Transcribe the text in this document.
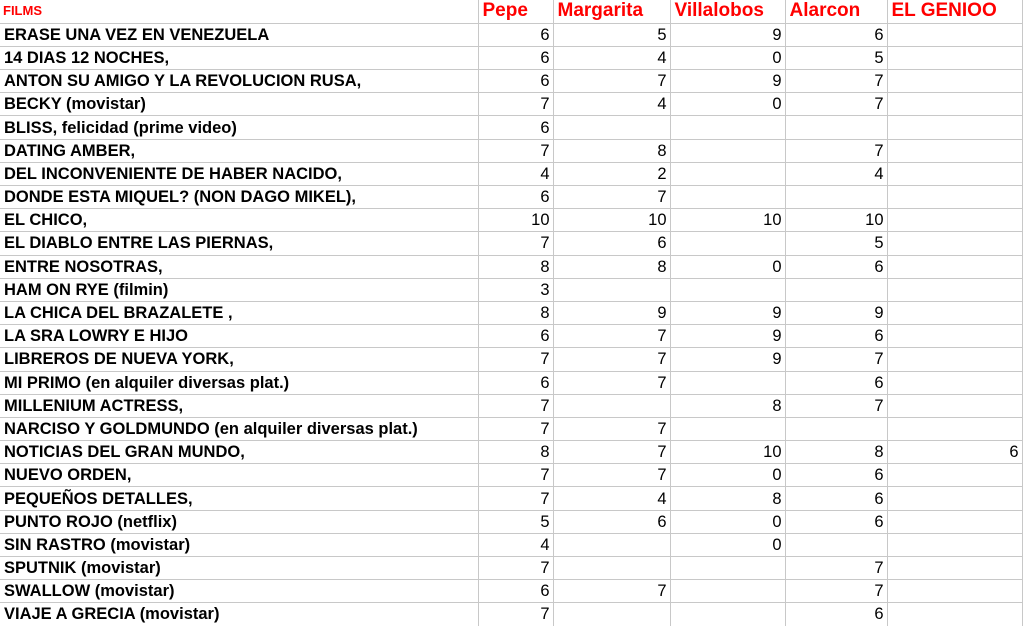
FILMS	Pepe	Margarita	Villalobos	Alarcon	EL GENIOO
ERASE UNA VEZ EN VENEZUELA	6	5	9	6	
14 DIAS 12 NOCHES,	6	4	0	5	
ANTON SU AMIGO Y LA REVOLUCION RUSA,	6	7	9	7	
BECKY (movistar)	7	4	0	7	
BLISS, felicidad (prime video)	6				
DATING AMBER,	7	8		7	
DEL INCONVENIENTE DE HABER NACIDO,	4	2		4	
DONDE ESTA MIQUEL? (NON DAGO MIKEL),	6	7			
EL CHICO,	10	10	10	10	
EL DIABLO ENTRE LAS PIERNAS,	7	6		5	
ENTRE NOSOTRAS,	8	8	0	6	
HAM ON RYE (filmin)	3				
LA CHICA DEL BRAZALETE ,	8	9	9	9	
LA SRA LOWRY E HIJO	6	7	9	6	
LIBREROS DE NUEVA YORK,	7	7	9	7	
MI PRIMO (en alquiler diversas plat.)	6	7		6	
MILLENIUM ACTRESS,	7		8	7	
NARCISO Y GOLDMUNDO (en alquiler diversas plat.)	7	7			
NOTICIAS DEL GRAN MUNDO,	8	7	10	8	6
NUEVO ORDEN,	7	7	0	6	
PEQUEÑOS DETALLES,	7	4	8	6	
PUNTO ROJO (netflix)	5	6	0	6	
SIN RASTRO (movistar)	4		0		
SPUTNIK (movistar)	7			7	
SWALLOW (movistar)	6	7		7	
VIAJE A GRECIA (movistar)	7			6	
